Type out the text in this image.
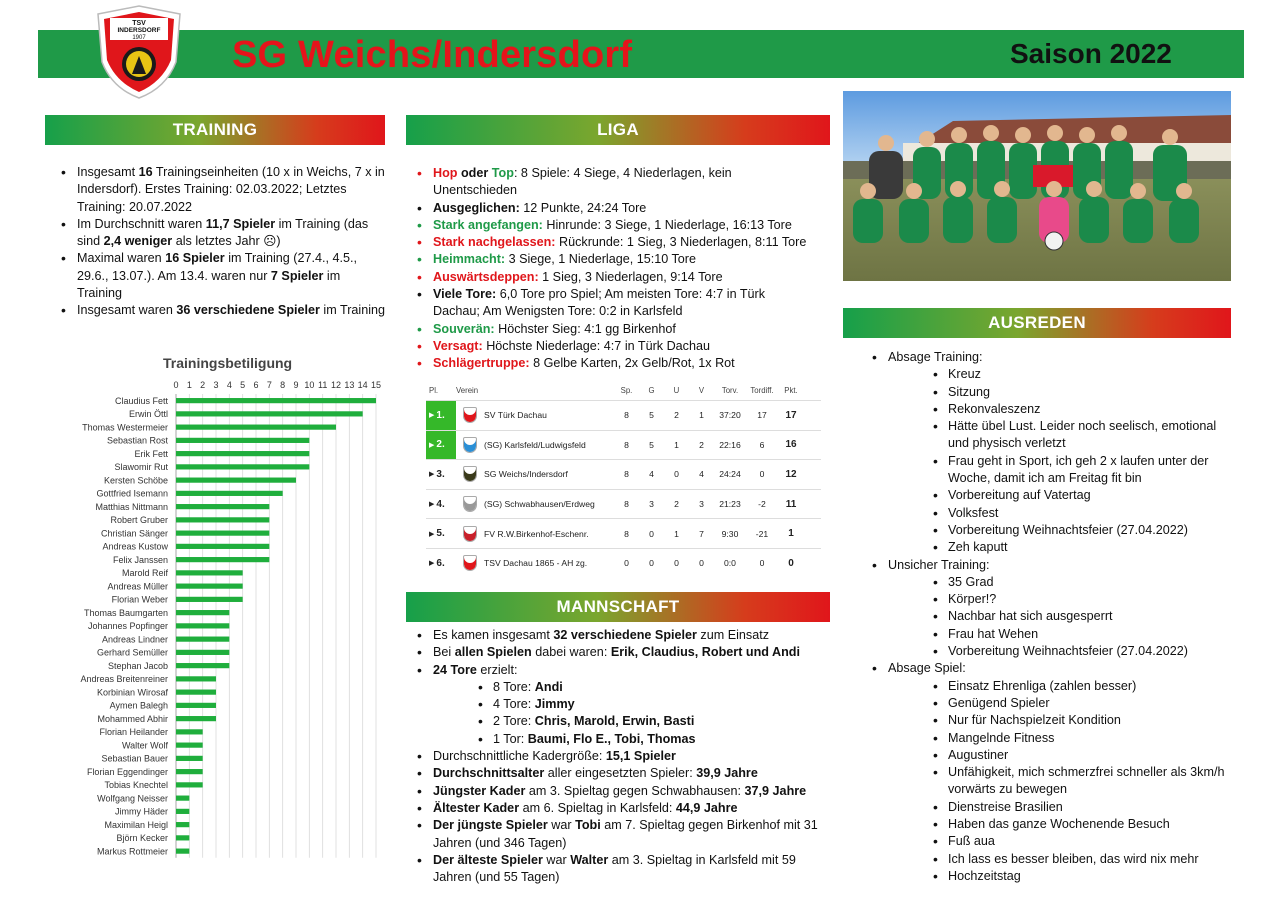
TSV
INDERSDORF
1907 SG Weichs/Indersdorf	Saison 2022
TRAINING
• Insgesamt 16 Trainingseinheiten (10 x in Weichs, 7 x in Indersdorf). Erstes Training: 02.03.2022; Letztes Training: 20.07.2022
• Im Durchschnitt waren 11,7 Spieler im Training (das sind 2,4 weniger als letztes Jahr ☹)
• Maximal waren 16 Spieler im Training (27.4., 4.5., 29.6., 13.07.). Am 13.4. waren nur 7 Spieler im Training
• Insgesamt waren 36 verschiedene Spieler im Training
Trainingsbetiligung
0 1 2 3 4 5 6 7 8 9 10 11 12 13 14 15
Claudius Fett
Erwin Öttl
Thomas Westermeier
Sebastian Rost
Erik Fett
Slawomir Rut
Kersten Schöbe
Gottfried Isemann
Matthias Nittmann
Robert Gruber
Christian Sänger
Andreas Kustow
Felix Janssen
Marold Reif
Andreas Müller
Florian Weber
Thomas Baumgarten
Johannes Popfinger
Andreas Lindner
Gerhard Semüller
Stephan Jacob
Andreas Breitenreiner
Korbinian Wirosaf
Aymen Balegh
Mohammed Abhir
Florian Heilander
Walter Wolf
Sebastian Bauer
Florian Eggendinger
Tobias Knechtel
Wolfgang Neisser
Jimmy Häder
Maximilan Heigl
Björn Kecker
Markus Rottmeier
LIGA
• Hop oder Top: 8 Spiele: 4 Siege, 4 Niederlagen, kein Unentschieden
• Ausgeglichen: 12 Punkte, 24:24 Tore
• Stark angefangen: Hinrunde: 3 Siege, 1 Niederlage, 16:13 Tore
• Stark nachgelassen: Rückrunde: 1 Sieg, 3 Niederlagen, 8:11 Tore
• Heimmacht: 3 Siege, 1 Niederlage, 15:10 Tore
• Auswärtsdeppen: 1 Sieg, 3 Niederlagen, 9:14 Tore
• Viele Tore: 6,0 Tore pro Spiel; Am meisten Tore: 4:7 in Türk Dachau; Am Wenigsten Tore: 0:2 in Karlsfeld
• Souverän: Höchster Sieg: 4:1 gg Birkenhof
• Versagt: Höchste Niederlage: 4:7 in Türk Dachau
• Schlägertruppe: 8 Gelbe Karten, 2x Gelb/Rot, 1x Rot
Pl.	Verein	Sp.	G	U	V	Torv.	Tordiff.	Pkt.
▶ 1.	SV Türk Dachau	8	5	2	1	37:20	17	17
▶ 2.	(SG) Karlsfeld/Ludwigsfeld	8	5	1	2	22:16	6	16
▶ 3.	SG Weichs/Indersdorf	8	4	0	4	24:24	0	12
▶ 4.	(SG) Schwabhausen/Erdweg	8	3	2	3	21:23	-2	11
▶ 5.	FV R.W.Birkenhof-Eschenr.	8	0	1	7	9:30	-21	1
▶ 6.	TSV Dachau 1865 - AH zg.	0	0	0	0	0:0	0	0
MANNSCHAFT
• Es kamen insgesamt 32 verschiedene Spieler zum Einsatz
• Bei allen Spielen dabei waren: Erik, Claudius, Robert und Andi
• 24 Tore erzielt:
• 8 Tore: Andi
• 4 Tore: Jimmy
• 2 Tore: Chris, Marold, Erwin, Basti
• 1 Tor: Baumi, Flo E., Tobi, Thomas
• Durchschnittliche Kadergröße: 15,1 Spieler
• Durchschnittsalter aller eingesetzten Spieler: 39,9 Jahre
• Jüngster Kader am 3. Spieltag gegen Schwabhausen: 37,9 Jahre
• Ältester Kader am 6. Spieltag in Karlsfeld: 44,9 Jahre
• Der jüngste Spieler war Tobi am 7. Spieltag gegen Birkenhof mit 31 Jahren (und 346 Tagen)
• Der älteste Spieler war Walter am 3. Spieltag in Karlsfeld mit 59 Jahren (und 55 Tagen)
AUSREDEN
• Absage Training:
• Kreuz
• Sitzung
• Rekonvaleszenz
• Hätte übel Lust. Leider noch seelisch, emotional und physisch verletzt
• Frau geht in Sport, ich geh 2 x laufen unter der Woche, damit ich am Freitag fit bin
• Vorbereitung auf Vatertag
• Volksfest
• Vorbereitung Weihnachtsfeier (27.04.2022)
• Zeh kaputt
• Unsicher Training:
• 35 Grad
• Körper!?
• Nachbar hat sich ausgesperrt
• Frau hat Wehen
• Vorbereitung Weihnachtsfeier (27.04.2022)
• Absage Spiel:
• Einsatz Ehrenliga (zahlen besser)
• Genügend Spieler
• Nur für Nachspielzeit Kondition
• Mangelnde Fitness
• Augustiner
• Unfähigkeit, mich schmerzfrei schneller als 3km/h vorwärts zu bewegen
• Dienstreise Brasilien
• Haben das ganze Wochenende Besuch
• Fuß aua
• Ich lass es besser bleiben, das wird nix mehr
• Hochzeitstag
